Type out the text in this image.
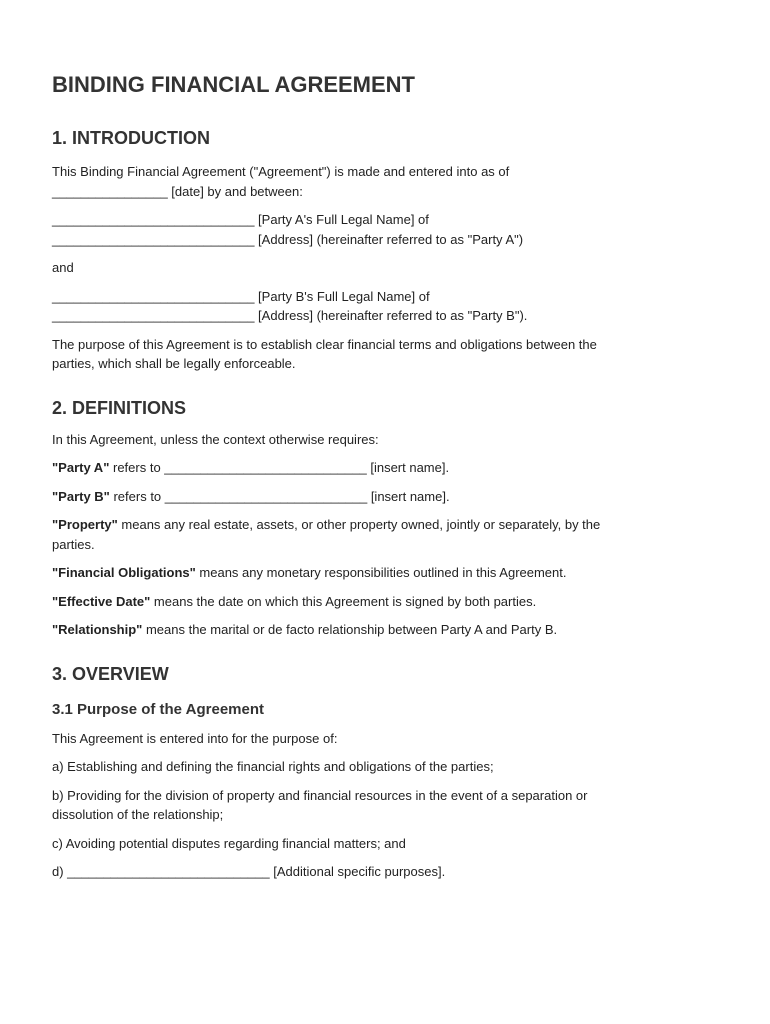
BINDING FINANCIAL AGREEMENT
1. INTRODUCTION

This Binding Financial Agreement ("Agreement") is made and entered into as of

________________ [date] by and between:

____________________________ [Party A's Full Legal Name] of

____________________________ [Address] (hereinafter referred to as "Party A")

and

____________________________ [Party B's Full Legal Name] of

____________________________ [Address] (hereinafter referred to as "Party B").

The purpose of this Agreement is to establish clear financial terms and obligations between the

parties, which shall be legally enforceable.

2. DEFINITIONS

In this Agreement, unless the context otherwise requires:

"Party A" refers to ____________________________ [insert name].

"Party B" refers to ____________________________ [insert name].

"Property" means any real estate, assets, or other property owned, jointly or separately, by the

parties.

"Financial Obligations" means any monetary responsibilities outlined in this Agreement.

"Effective Date" means the date on which this Agreement is signed by both parties.

"Relationship" means the marital or de facto relationship between Party A and Party B.

3. OVERVIEW
3.1 Purpose of the Agreement

This Agreement is entered into for the purpose of:

a) Establishing and defining the financial rights and obligations of the parties;

b) Providing for the division of property and financial resources in the event of a separation or

dissolution of the relationship;

c) Avoiding potential disputes regarding financial matters; and

d) ____________________________ [Additional specific purposes].
